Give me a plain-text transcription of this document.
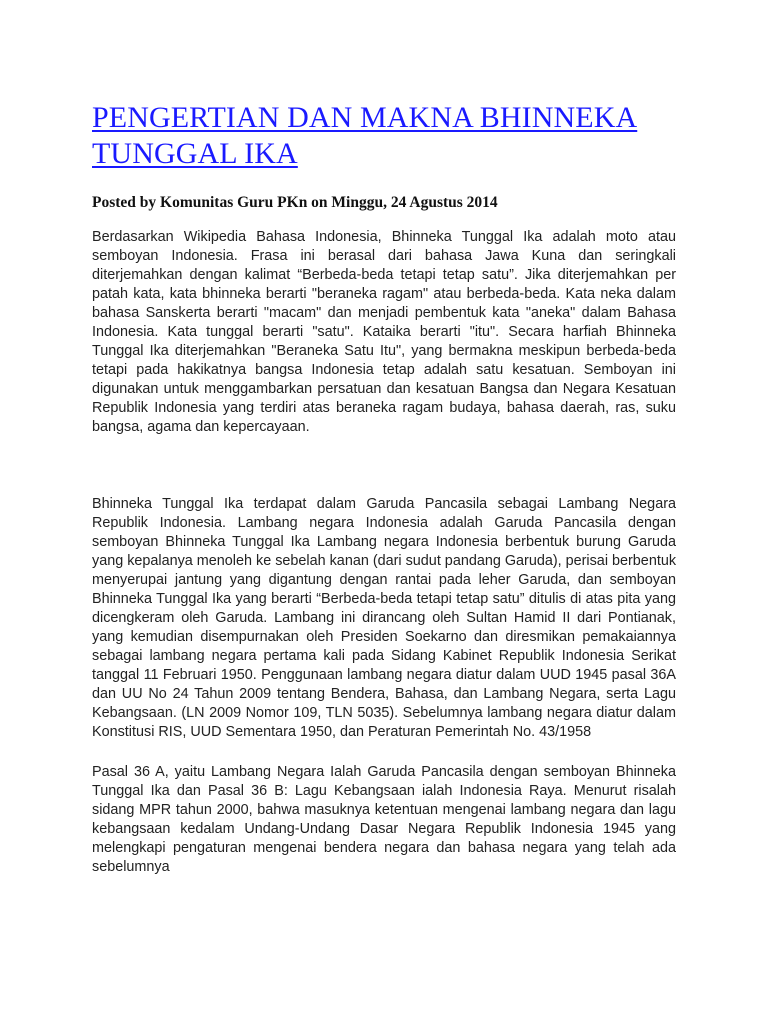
PENGERTIAN DAN MAKNA BHINNEKA TUNGGAL IKA
Posted by Komunitas Guru PKn on Minggu, 24 Agustus 2014

Berdasarkan Wikipedia Bahasa Indonesia, Bhinneka Tunggal Ika adalah moto atau semboyan Indonesia. Frasa ini berasal dari bahasa Jawa Kuna dan seringkali diterjemahkan dengan kalimat “Berbeda-beda tetapi tetap satu”. Jika diterjemahkan per patah kata, kata bhinneka berarti "beraneka ragam" atau berbeda-beda. Kata neka dalam bahasa Sanskerta berarti "macam" dan menjadi pembentuk kata "aneka" dalam Bahasa Indonesia. Kata tunggal berarti "satu". Kataika berarti "itu". Secara harfiah Bhinneka Tunggal Ika diterjemahkan "Beraneka Satu Itu", yang bermakna meskipun berbeda-beda tetapi pada hakikatnya bangsa Indonesia tetap adalah satu kesatuan. Semboyan ini digunakan untuk menggambarkan persatuan dan kesatuan Bangsa dan Negara Kesatuan Republik Indonesia yang terdiri atas beraneka ragam budaya, bahasa daerah, ras, suku bangsa, agama dan kepercayaan.

Bhinneka Tunggal Ika terdapat dalam Garuda Pancasila sebagai Lambang Negara Republik Indonesia. Lambang negara Indonesia adalah Garuda Pancasila dengan semboyan Bhinneka Tunggal Ika Lambang negara Indonesia berbentuk burung Garuda yang kepalanya menoleh ke sebelah kanan (dari sudut pandang Garuda), perisai berbentuk menyerupai jantung yang digantung dengan rantai pada leher Garuda, dan semboyan Bhinneka Tunggal Ika yang berarti “Berbeda-beda tetapi tetap satu” ditulis di atas pita yang dicengkeram oleh Garuda. Lambang ini dirancang oleh Sultan Hamid II dari Pontianak, yang kemudian disempurnakan oleh Presiden Soekarno dan diresmikan pemakaiannya sebagai lambang negara pertama kali pada Sidang Kabinet Republik Indonesia Serikat tanggal 11 Februari 1950. Penggunaan lambang negara diatur dalam UUD 1945 pasal 36A dan UU No 24 Tahun 2009 tentang Bendera, Bahasa, dan Lambang Negara, serta Lagu Kebangsaan. (LN 2009 Nomor 109, TLN 5035). Sebelumnya lambang negara diatur dalam Konstitusi RIS, UUD Sementara 1950, dan Peraturan Pemerintah No. 43/1958

Pasal 36 A, yaitu Lambang Negara Ialah Garuda Pancasila dengan semboyan Bhinneka Tunggal Ika dan Pasal 36 B: Lagu Kebangsaan ialah Indonesia Raya. Menurut risalah sidang MPR tahun 2000, bahwa masuknya ketentuan mengenai lambang negara dan lagu kebangsaan kedalam Undang-Undang Dasar Negara Republik Indonesia 1945 yang melengkapi pengaturan mengenai bendera negara dan bahasa negara yang telah ada sebelumnya
